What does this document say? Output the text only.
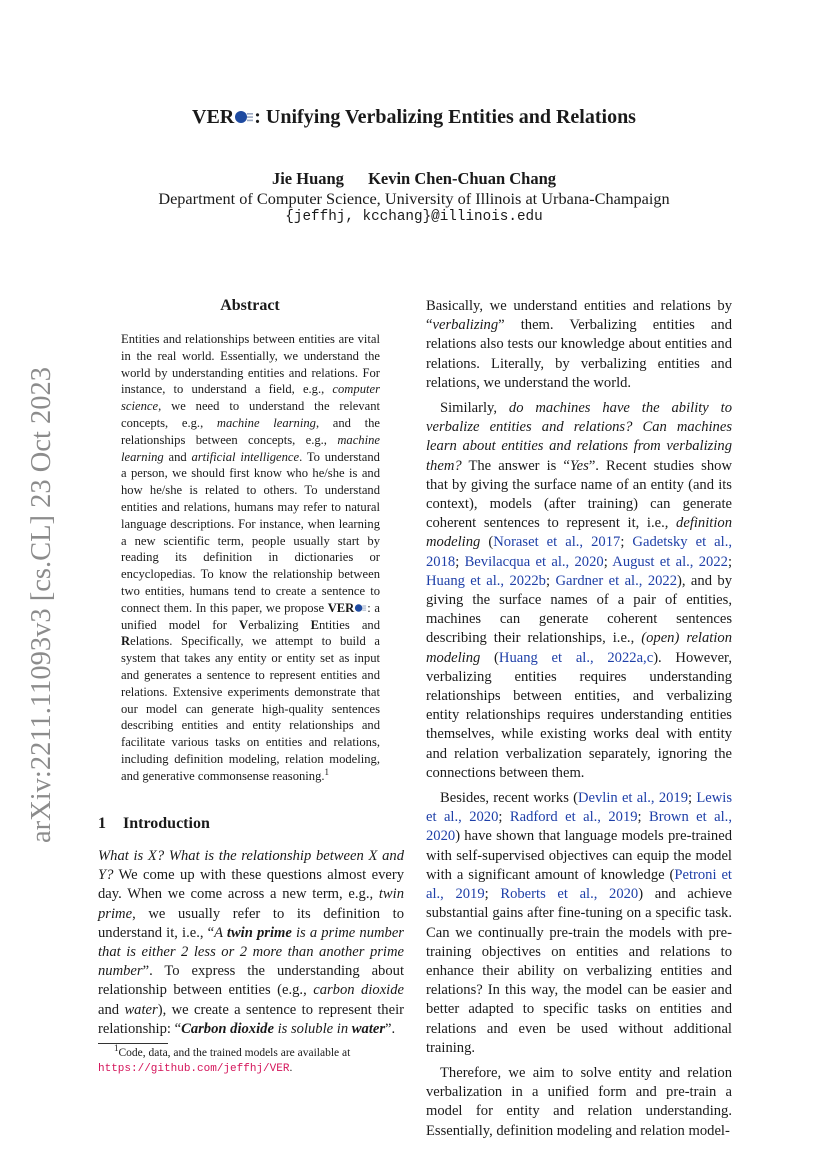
arXiv:2211.11093v3 [cs.CL] 23 Oct 2023
VER : Unifying Verbalizing Entities and Relations
Jie Huang Kevin Chen-Chuan Chang
Department of Computer Science, University of Illinois at Urbana-Champaign
{jeffhj, kcchang}@illinois.edu
Abstract
Entities and relationships between entities are vital in the real world. Essentially, we understand the world by understanding entities and relations. For instance, to understand a field, e.g., computer science, we need to understand the relevant concepts, e.g., machine learning, and the relationships between concepts, e.g., machine learning and artificial intelligence. To understand a person, we should first know who he/she is and how he/she is related to others. To understand entities and relations, humans may refer to natural language descriptions. For instance, when learning a new scientific term, people usually start by reading its definition in dictionaries or encyclopedias. To know the relationship between two entities, humans tend to create a sentence to connect them. In this paper, we propose VER : a unified model for Verbalizing Entities and Relations. Specifically, we attempt to build a system that takes any entity or entity set as input and generates a sentence to represent entities and relations. Extensive experiments demonstrate that our model can generate high-quality sentences describing entities and entity relationships and facilitate various tasks on entities and relations, including definition modeling, relation modeling, and generative commonsense reasoning.$^1$
1 Introduction
What is X? What is the relationship between X and Y? We come up with these questions almost every day. When we come across a new term, e.g., twin prime, we usually refer to its definition to understand it, i.e., “A twin prime is a prime number that is either 2 less or 2 more than another prime number”. To express the understanding about relationship between entities (e.g., carbon dioxide and water), we create a sentence to represent their relationship: “Carbon dioxide is soluble in water”.
$^1$Code, data, and the trained models are available at https://github.com/jeffhj/VER.

Basically, we understand entities and relations by “verbalizing” them. Verbalizing entities and relations also tests our knowledge about entities and relations. Literally, by verbalizing entities and relations, we understand the world.

Similarly, do machines have the ability to verbalize entities and relations? Can machines learn about entities and relations from verbalizing them? The answer is “Yes”. Recent studies show that by giving the surface name of an entity (and its context), models (after training) can generate coherent sentences to represent it, i.e., definition modeling (Noraset et al., 2017; Gadetsky et al., 2018; Bevilacqua et al., 2020; August et al., 2022; Huang et al., 2022b; Gardner et al., 2022), and by giving the surface names of a pair of entities, machines can generate coherent sentences describing their relationships, i.e., (open) relation modeling (Huang et al., 2022a,c). However, verbalizing entities requires understanding relationships between entities, and verbalizing entity relationships requires understanding entities themselves, while existing works deal with entity and relation verbalization separately, ignoring the connections between them.

Besides, recent works (Devlin et al., 2019; Lewis et al., 2020; Radford et al., 2019; Brown et al., 2020) have shown that language models pre-trained with self-supervised objectives can equip the model with a significant amount of knowledge (Petroni et al., 2019; Roberts et al., 2020) and achieve substantial gains after fine-tuning on a specific task. Can we continually pre-train the models with pre-training objectives on entities and relations to enhance their ability on verbalizing entities and relations? In this way, the model can be easier and better adapted to specific tasks on entities and relations and even be used without additional training.

Therefore, we aim to solve entity and relation verbalization in a unified form and pre-train a model for entity and relation understanding. Essentially, definition modeling and relation model-
